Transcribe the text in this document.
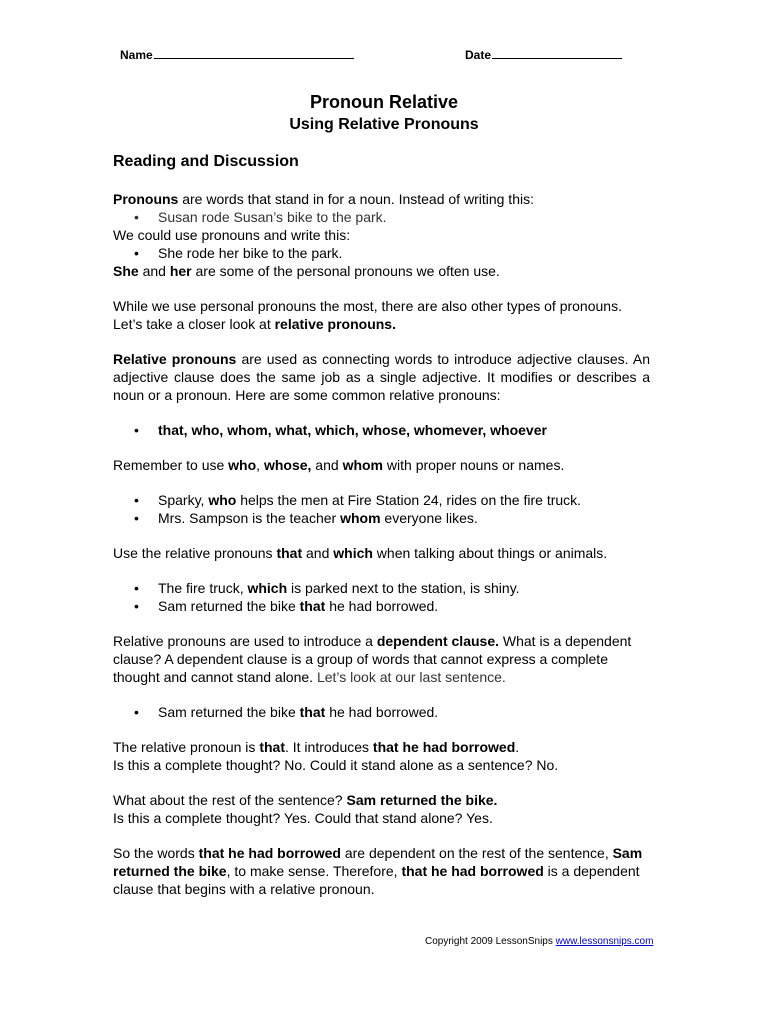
Name	Date
Pronoun Relative
Using Relative Pronouns
Reading and Discussion

Pronouns are words that stand in for a noun. Instead of writing this:

• Susan rode Susan’s bike to the park.

We could use pronouns and write this:

• She rode her bike to the park.

She and her are some of the personal pronouns we often use.

While we use personal pronouns the most, there are also other types of pronouns. Let’s take a closer look at relative pronouns.

Relative pronouns are used as connecting words to introduce adjective clauses. An adjective clause does the same job as a single adjective. It modifies or describes a noun or a pronoun. Here are some common relative pronouns:

• that, who, whom, what, which, whose, whomever, whoever

Remember to use who, whose, and whom with proper nouns or names.

• Sparky, who helps the men at Fire Station 24, rides on the fire truck.
• Mrs. Sampson is the teacher whom everyone likes.

Use the relative pronouns that and which when talking about things or animals.

• The fire truck, which is parked next to the station, is shiny.
• Sam returned the bike that he had borrowed.

Relative pronouns are used to introduce a dependent clause. What is a dependent clause? A dependent clause is a group of words that cannot express a complete thought and cannot stand alone. Let’s look at our last sentence.

• Sam returned the bike that he had borrowed.

The relative pronoun is that. It introduces that he had borrowed.
Is this a complete thought? No. Could it stand alone as a sentence? No.

What about the rest of the sentence? Sam returned the bike.
Is this a complete thought? Yes. Could that stand alone? Yes.

So the words that he had borrowed are dependent on the rest of the sentence, Sam returned the bike, to make sense. Therefore, that he had borrowed is a dependent clause that begins with a relative pronoun.

Copyright 2009 LessonSnips www.lessonsnips.com
